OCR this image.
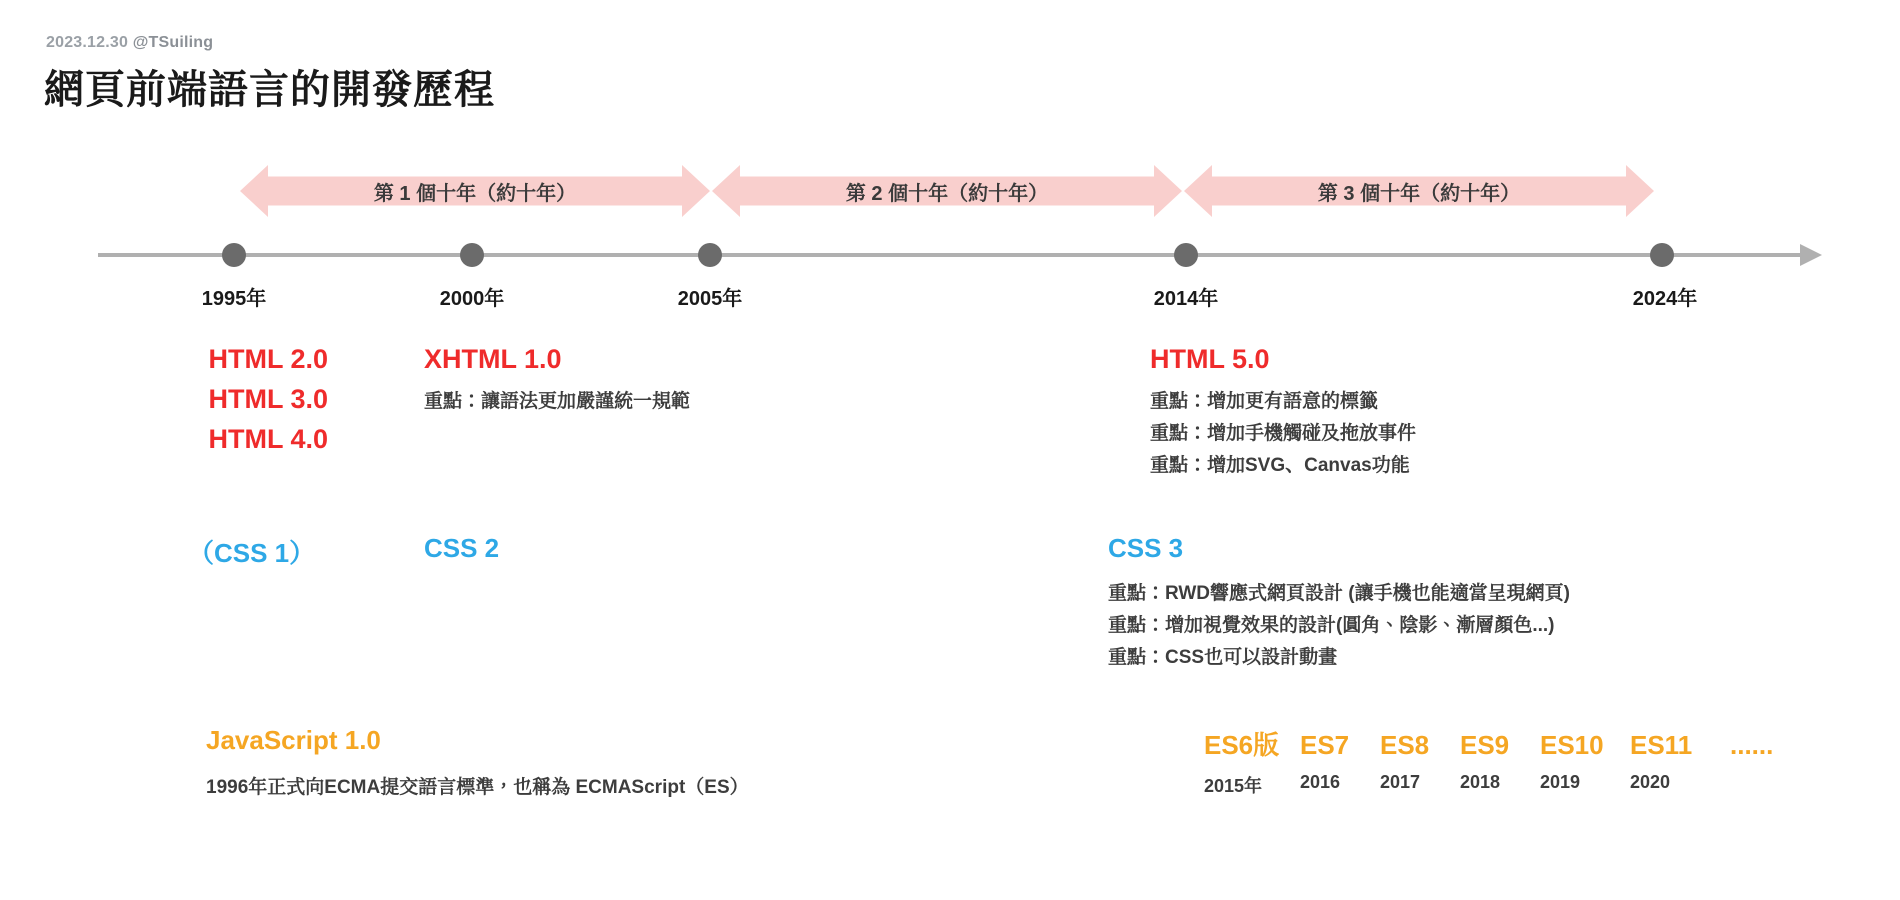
2023.12.30 @TSuiling
網頁前端語言的開發歷程
第 1 個十年（約十年）	第 2 個十年（約十年）	第 3 個十年（約十年）
1995年	2000年	2005年	2014年	2024年
HTML 2.0
HTML 3.0
HTML 4.0
XHTML 1.0
重點：讓語法更加嚴謹統一規範
HTML 5.0
重點：增加更有語意的標籤
重點：增加手機觸碰及拖放事件
重點：增加SVG、Canvas功能
（CSS 1）	CSS 2	CSS 3
重點：RWD響應式網頁設計 (讓手機也能適當呈現網頁)
重點：增加視覺效果的設計(圓角、陰影、漸層顏色...)
重點：CSS也可以設計動畫
JavaScript 1.0
1996年正式向ECMA提交語言標準，也稱為 ECMAScript（ES）
ES6版 ES7	ES8	ES9	ES10	ES11	......
2015年	2016	2017	2018	2019	2020
